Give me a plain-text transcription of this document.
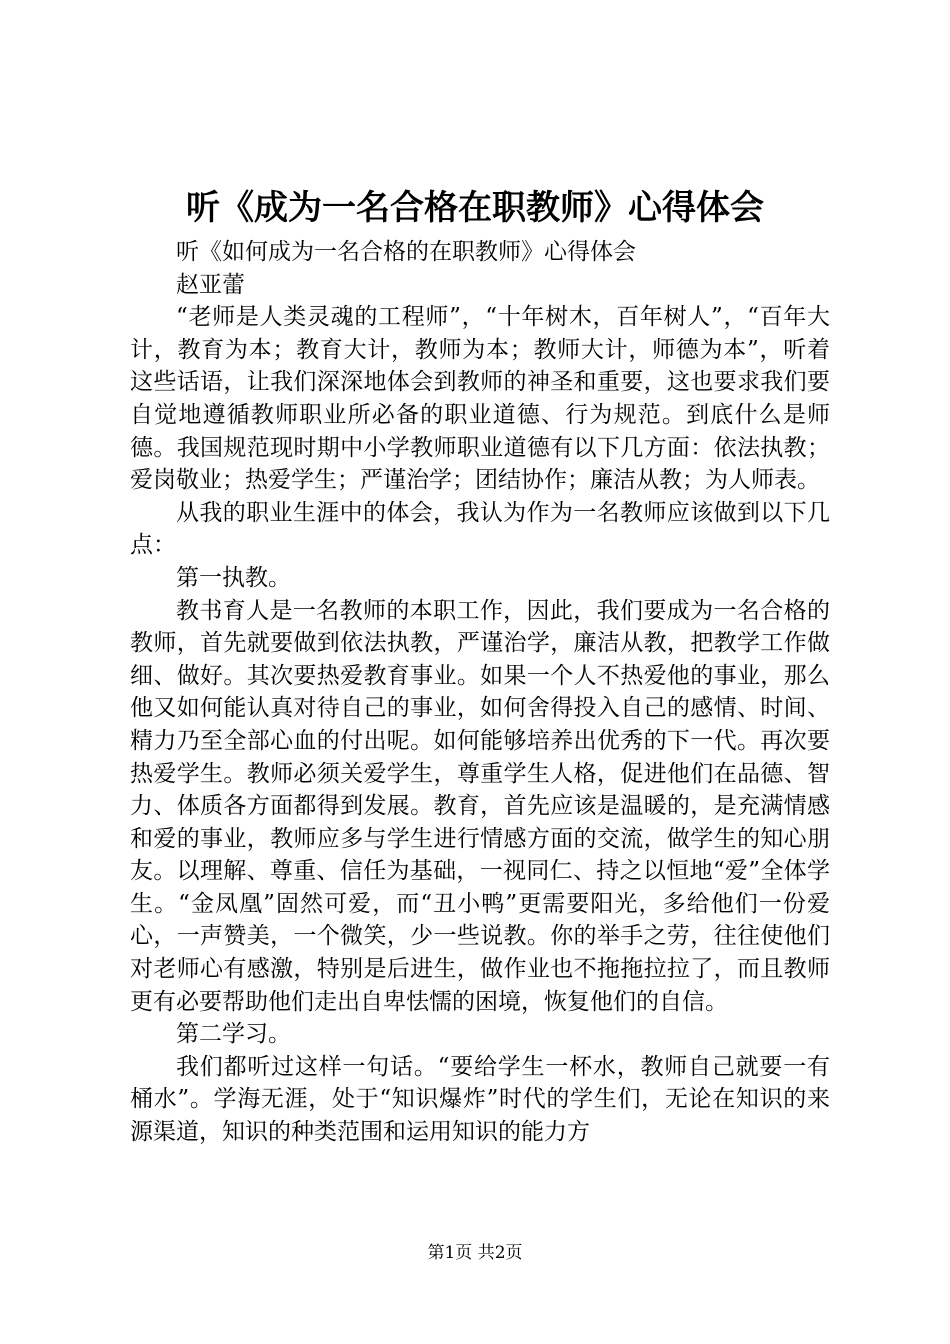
听《成为一名合格在职教师》心得体会

听《如何成为一名合格的在职教师》心得体会

赵亚蕾

“老师是人类灵魂的工程师”，“十年树木，百年树人”，“百年大计，教育为本；教育大计，教师为本；教师大计，师德为本”，听着这些话语，让我们深深地体会到教师的神圣和重要，这也要求我们要自觉地遵循教师职业所必备的职业道德、行为规范。到底什么是师德。我国规范现时期中小学教师职业道德有以下几方面：依法执教；爱岗敬业；热爱学生；严谨治学；团结协作；廉洁从教；为人师表。

从我的职业生涯中的体会，我认为作为一名教师应该做到以下几点：

第一执教。

教书育人是一名教师的本职工作，因此，我们要成为一名合格的教师，首先就要做到依法执教，严谨治学，廉洁从教，把教学工作做细、做好。其次要热爱教育事业。如果一个人不热爱他的事业，那么他又如何能认真对待自己的事业，如何舍得投入自己的感情、时间、精力乃至全部心血的付出呢。如何能够培养出优秀的下一代。再次要热爱学生。教师必须关爱学生，尊重学生人格，促进他们在品德、智力、体质各方面都得到发展。教育，首先应该是温暖的，是充满情感和爱的事业，教师应多与学生进行情感方面的交流，做学生的知心朋友。以理解、尊重、信任为基础，一视同仁、持之以恒地“爱”全体学生。“金凤凰”固然可爱，而“丑小鸭”更需要阳光，多给他们一份爱心，一声赞美，一个微笑，少一些说教。你的举手之劳，往往使他们对老师心有感激，特别是后进生，做作业也不拖拖拉拉了，而且教师更有必要帮助他们走出自卑怯懦的困境，恢复他们的自信。

第二学习。

我们都听过这样一句话。“要给学生一杯水，教师自己就要一有桶水”。学海无涯，处于“知识爆炸”时代的学生们，无论在知识的来源渠道，知识的种类范围和运用知识的能力方

第1页 共2页
